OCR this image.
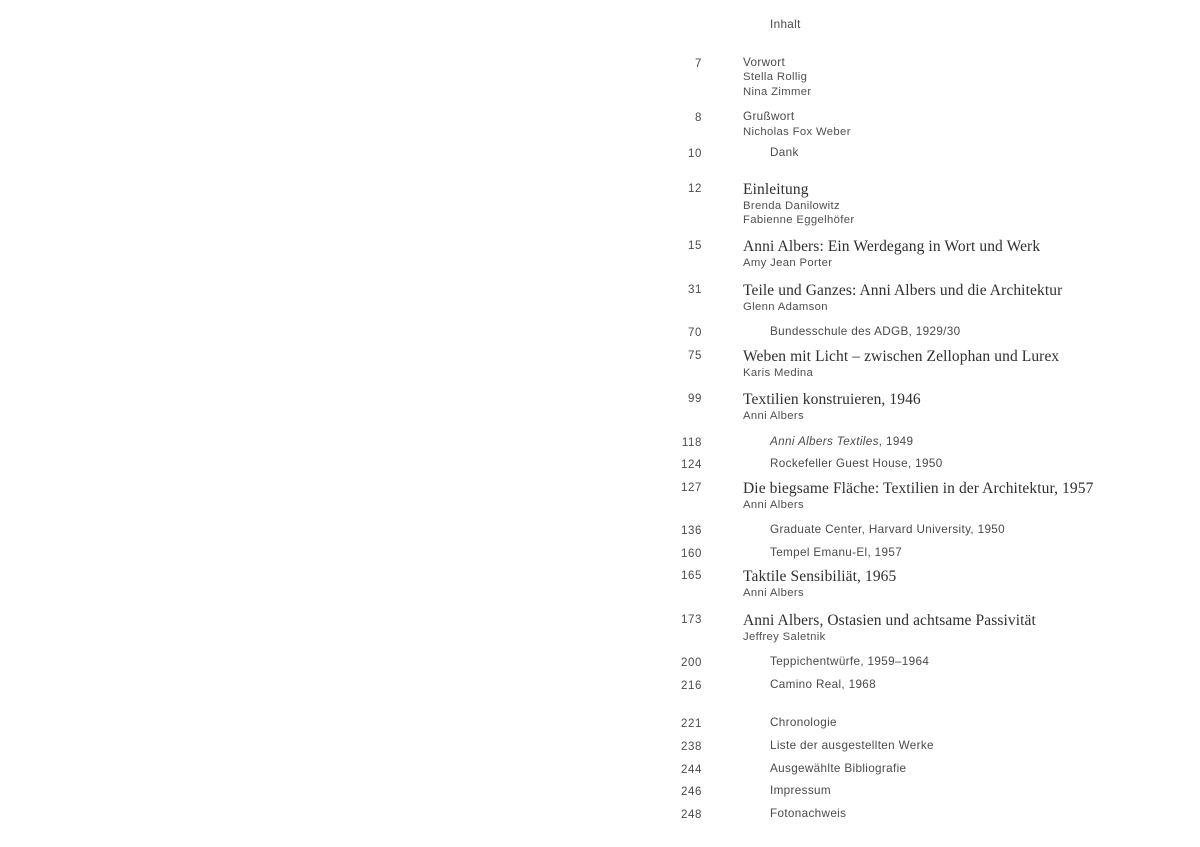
Inhalt
7	Vorwort
Stella Rollig
Nina Zimmer
8	Grußwort
Nicholas Fox Weber
10	Dank
12	Einleitung
Brenda Danilowitz
Fabienne Eggelhöfer
15	Anni Albers: Ein Werdegang in Wort und Werk
Amy Jean Porter
31	Teile und Ganzes: Anni Albers und die Architektur
Glenn Adamson
70	Bundesschule des ADGB, 1929/30
75	Weben mit Licht – zwischen Zellophan und Lurex
Karis Medina
99	Textilien konstruieren, 1946
Anni Albers
118	Anni Albers Textiles, 1949
124	Rockefeller Guest House, 1950
127	Die biegsame Fläche: Textilien in der Architektur, 1957
Anni Albers
136	Graduate Center, Harvard University, 1950
160	Tempel Emanu-El, 1957
165	Taktile Sensibiliät, 1965
Anni Albers
173	Anni Albers, Ostasien und achtsame Passivität
Jeffrey Saletnik
200	Teppichentwürfe, 1959–1964
216	Camino Real, 1968
221	Chronologie
238	Liste der ausgestellten Werke
244	Ausgewählte Bibliografie
246	Impressum
248	Fotonachweis
